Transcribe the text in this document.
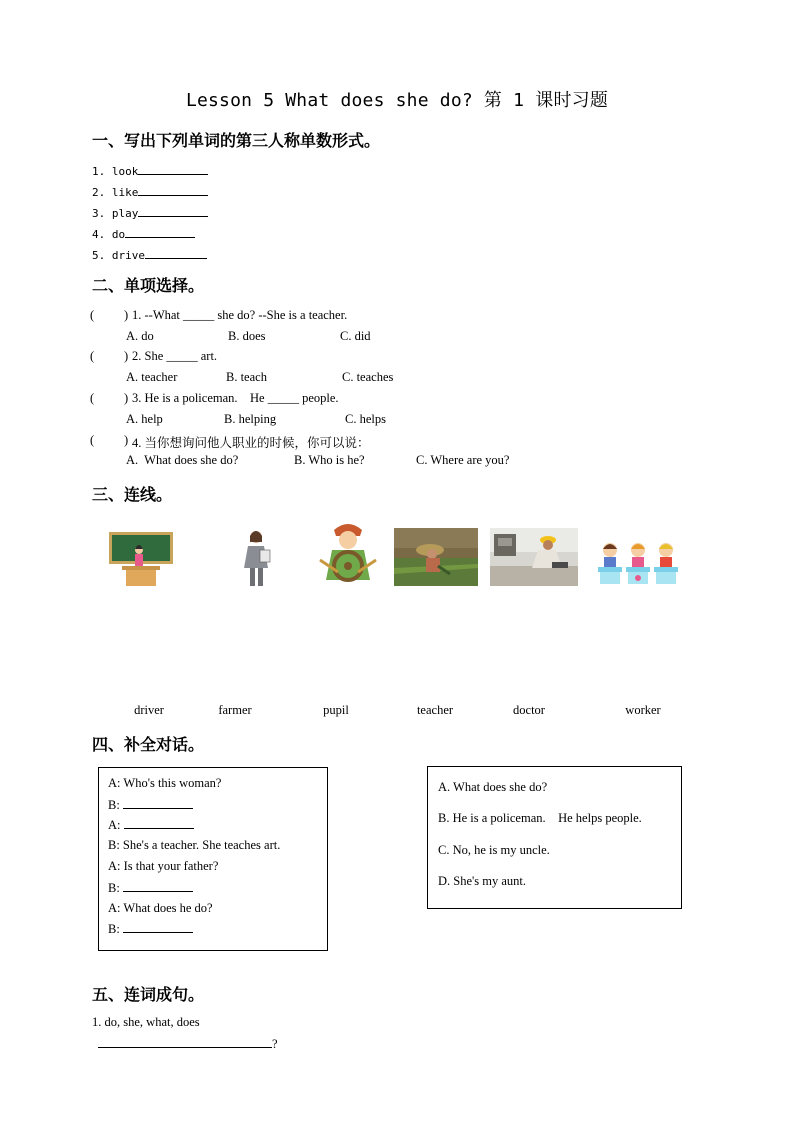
Lesson 5 What does she do? 第 1 课时习题
一、写出下列单词的第三人称单数形式。
1. look
2. like
3. play
4. do
5. drive
二、单项选择。
( ) 1. --What _____ she do? --She is a teacher.
A. do	B. does	C. did
( ) 2. She _____ art.
A. teacher	B. teach	C. teaches
( ) 3. He is a policeman.    He _____ people.
A. help	B. helping	C. helps
( ) 4. 当你想询问他人职业的时候，你可以说：
A.  What does she do?	B. Who is he?	C. Where are you?
三、连线。
driver	farmer	pupil	teacher	doctor	worker
四、补全对话。
A: Who's this woman?
B:
A:
B: She's a teacher. She teaches art.
A: Is that your father?
B:
A: What does he do?
B:
A. What does she do?
B. He is a policeman.    He helps people.
C. No, he is my uncle.
D. She's my aunt.
五、连词成句。
1. do, she, what, does
?
